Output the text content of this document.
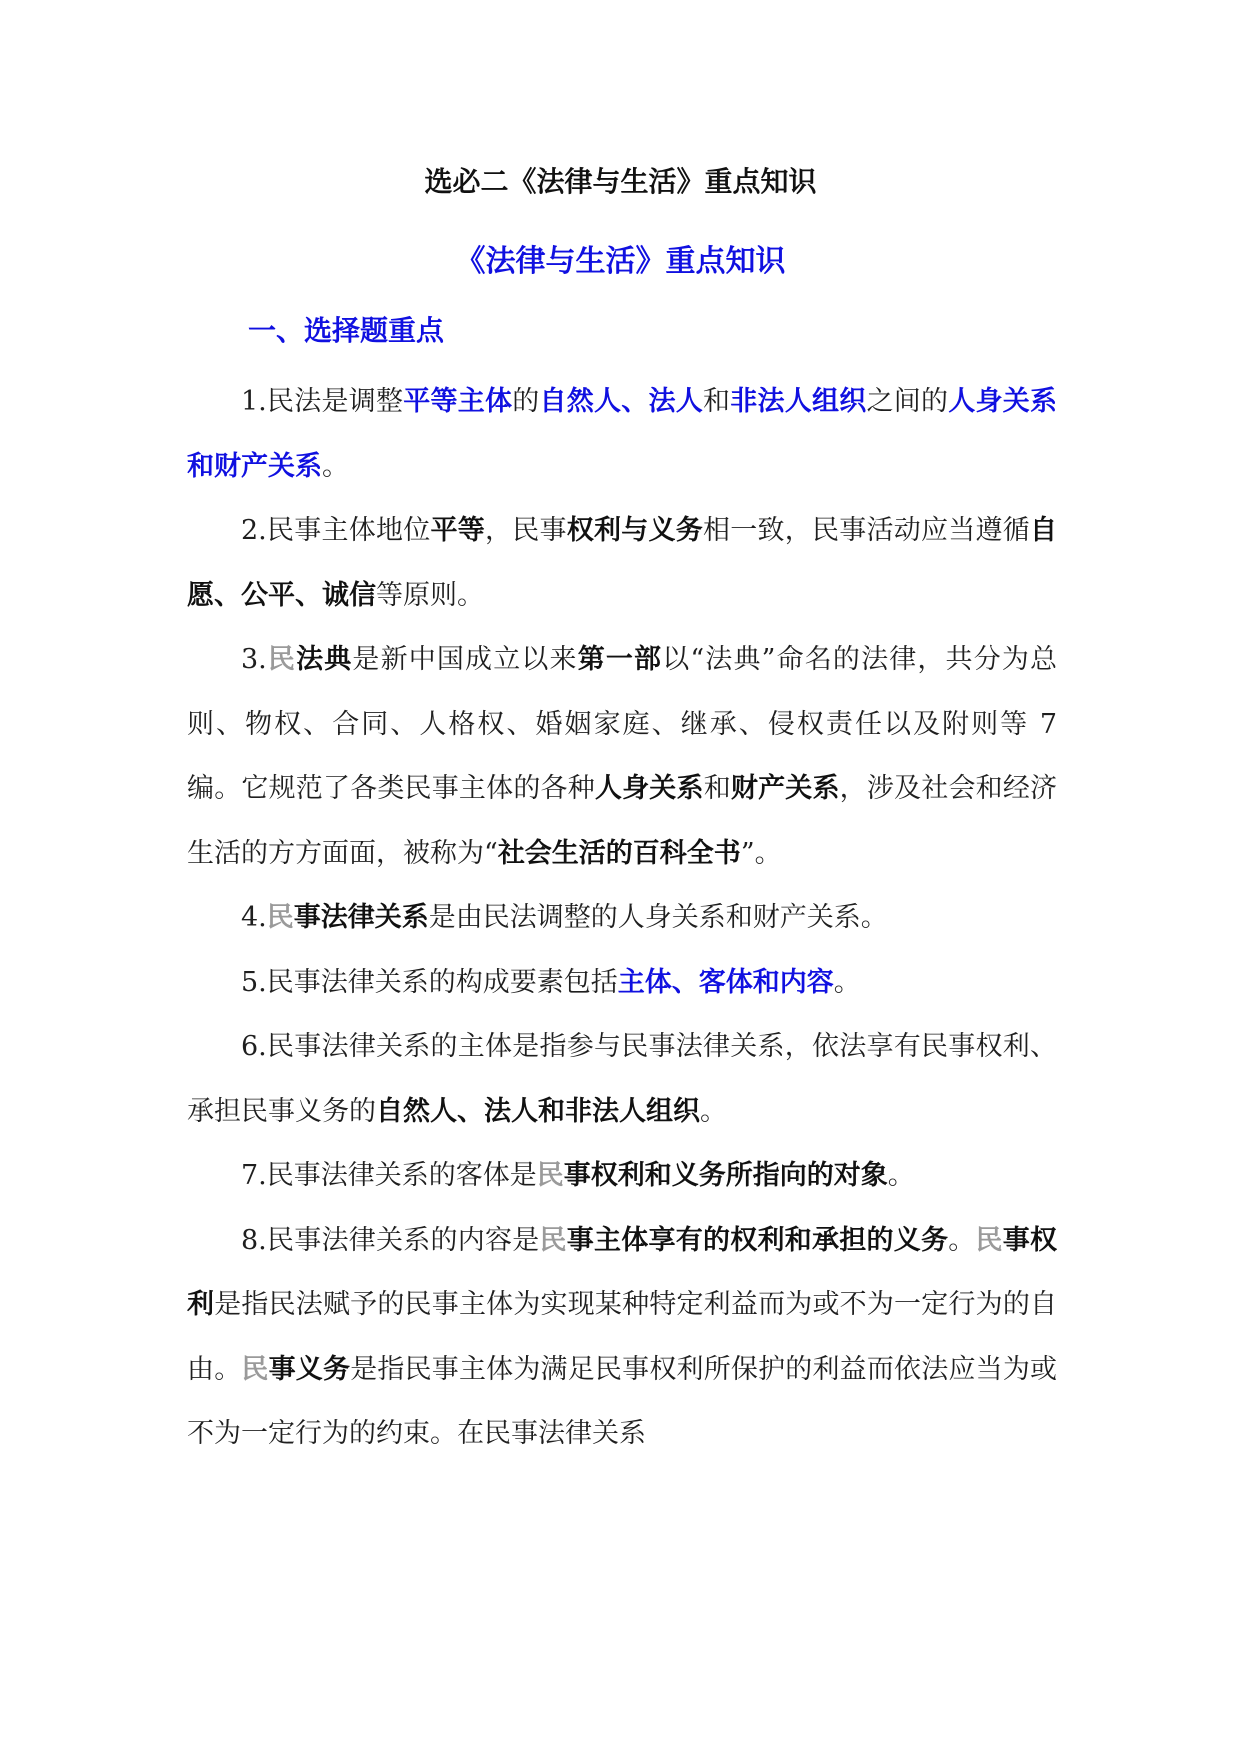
选必二《法律与生活》重点知识
《法律与生活》重点知识
一、选择题重点

1.民法是调整平等主体的自然人、法人和非法人组织之间的人身关系和财产关系。

2.民事主体地位平等，民事权利与义务相一致，民事活动应当遵循自愿、公平、诚信等原则。

3.民法典是新中国成立以来第一部以“法典”命名的法律，共分为总则、物权、合同、人格权、婚姻家庭、继承、侵权责任以及附则等 7 编。它规范了各类民事主体的各种人身关系和财产关系，涉及社会和经济生活的方方面面，被称为“社会生活的百科全书”。

4.民事法律关系是由民法调整的人身关系和财产关系。

5.民事法律关系的构成要素包括主体、客体和内容。

6.民事法律关系的主体是指参与民事法律关系，依法享有民事权利、承担民事义务的自然人、法人和非法人组织。

7.民事法律关系的客体是民事权利和义务所指向的对象。

8.民事法律关系的内容是民事主体享有的权利和承担的义务。民事权利是指民法赋予的民事主体为实现某种特定利益而为或不为一定行为的自由。民事义务是指民事主体为满足民事权利所保护的利益而依法应当为或不为一定行为的约束。在民事法律关系
